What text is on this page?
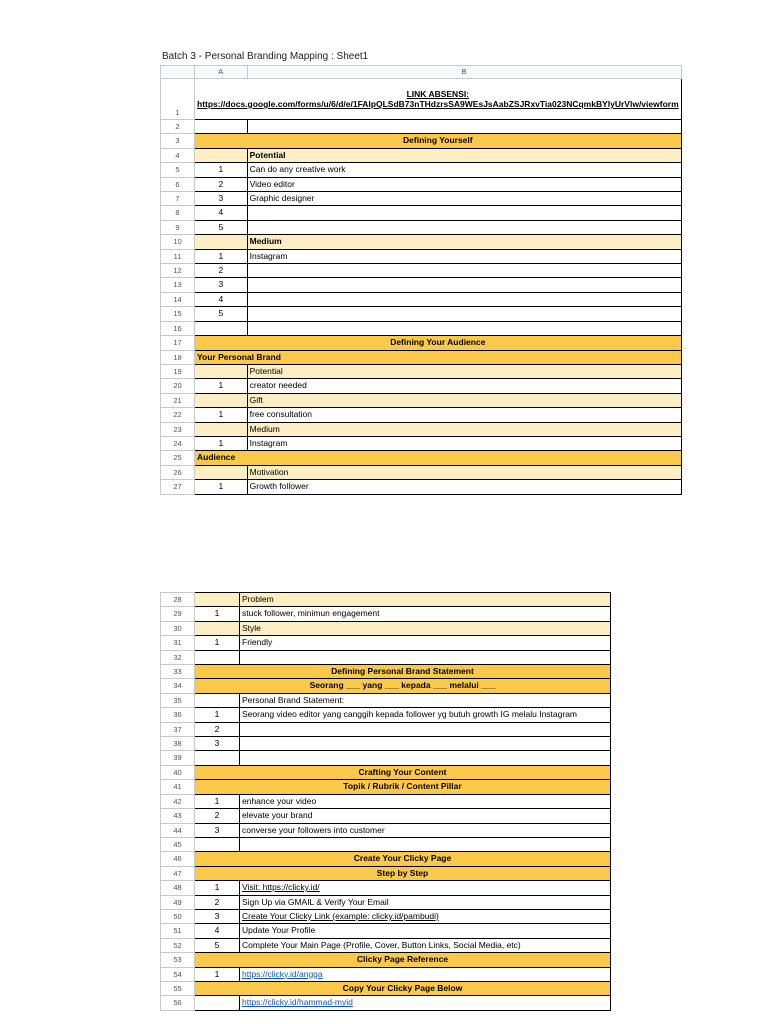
Batch 3 - Personal Branding Mapping : Sheet1
	A	B
1	LINK ABSENSI: https://docs.google.com/forms/u/6/d/e/1FAIpQLSdB73nTHdzrsSA9WEsJsAabZSJRxvTia023NCqmkBYlyUrVlw/viewform	
2		
3	Defining Yourself	
4		Potential
5	1	Can do any creative work
6	2	Video editor
7	3	Graphic designer
8	4	
9	5	
10		Medium
11	1	Instagram
12	2	
13	3	
14	4	
15	5	
16		
17	Defining Your Audience	
18	Your Personal Brand	
19		Potential
20	1	creator needed
21		Gift
22	1	free consultation
23		Medium
24	1	Instagram
25	Audience	
26		Motivation
27	1	Growth follower
28		Problem
29	1	stuck follower, minimun engagement
30		Style
31	1	Friendly
32		
33	Defining Personal Brand Statement	
34	Seorang ___ yang ___ kepada ___ melalui ___	
35		Personal Brand Statement:
36	1	Seorang video editor yang canggih kepada follower yg butuh growth IG melalu Instagram
37	2	
38	3	
39		
40	Crafting Your Content	
41	Topik / Rubrik / Content Pillar	
42	1	enhance your video
43	2	elevate your brand
44	3	converse your followers into customer
45		
46	Create Your Clicky Page	
47	Step by Step	
48	1	Visit: https://clicky.id/
49	2	Sign Up via GMAIL & Verify Your Email
50	3	Create Your Clicky Link (example: clicky.id/pambudi)
51	4	Update Your Profile
52	5	Complete Your Main Page (Profile, Cover, Button Links, Social Media, etc)
53	Clicky Page Reference	
54	1	https://clicky.id/angga
55	Copy Your Clicky Page Below	
56		https://clicky.id/hammad-myid
